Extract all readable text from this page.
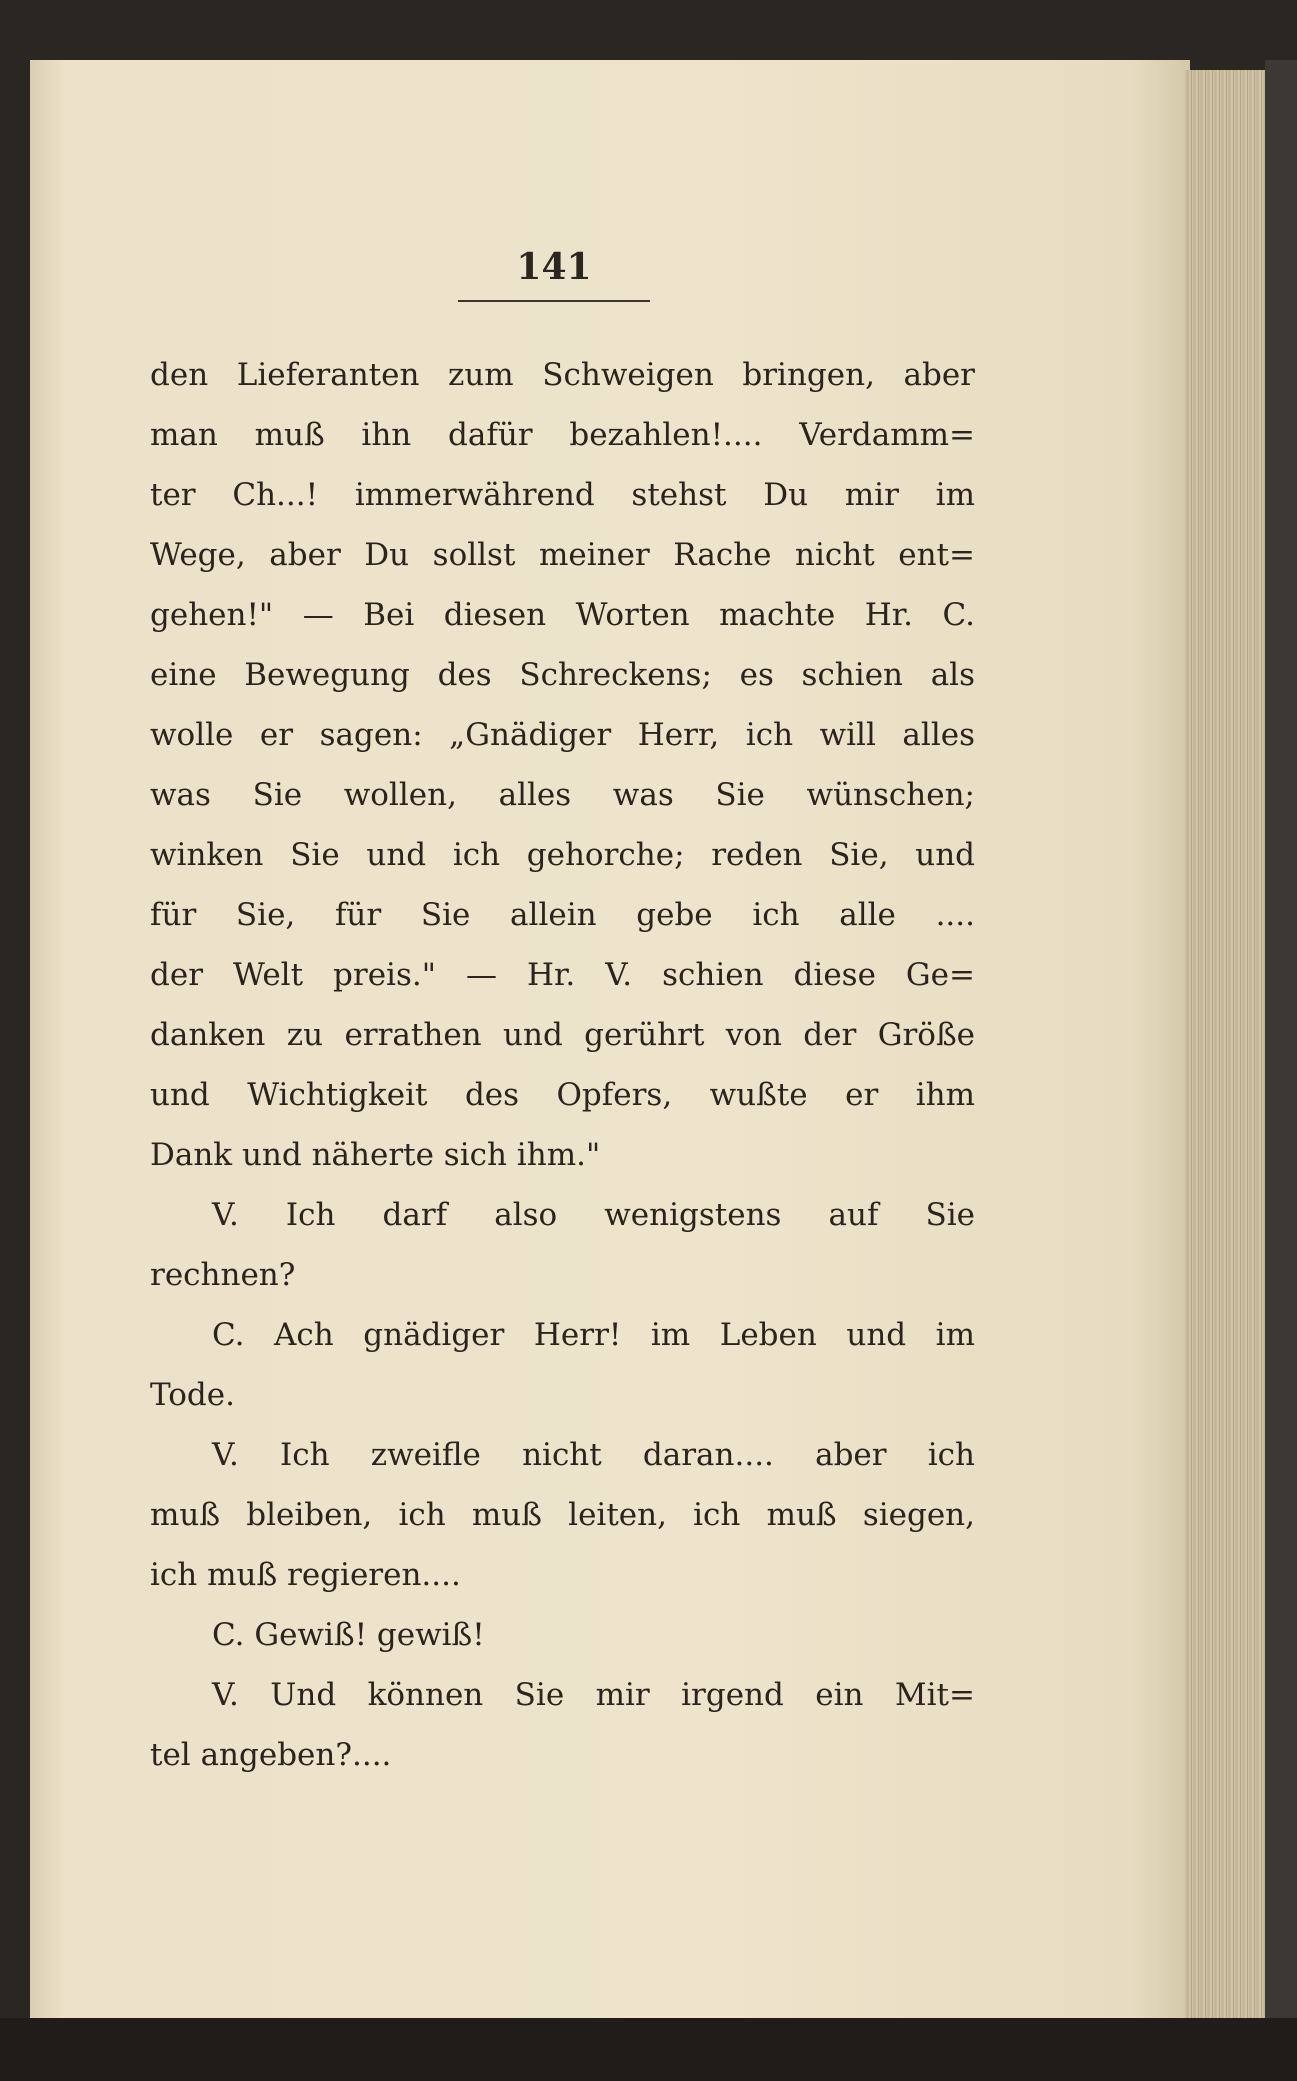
141
den Lieferanten zum Schweigen bringen, aber
man muß ihn dafür bezahlen!.... Verdamm=
ter Ch...! immerwährend stehst Du mir im
Wege, aber Du sollst meiner Rache nicht ent=
gehen!" — Bei diesen Worten machte Hr. C.
eine Bewegung des Schreckens; es schien als
wolle er sagen: „Gnädiger Herr, ich will alles
was Sie wollen, alles was Sie wünschen;
winken Sie und ich gehorche; reden Sie, und
für Sie, für Sie allein gebe ich alle ....
der Welt preis." — Hr. V. schien diese Ge=
danken zu errathen und gerührt von der Größe
und Wichtigkeit des Opfers, wußte er ihm
Dank und näherte sich ihm."
V. Ich darf also wenigstens auf Sie
rechnen?
C. Ach gnädiger Herr! im Leben und im
Tode.
V. Ich zweifle nicht daran.... aber ich
muß bleiben, ich muß leiten, ich muß siegen,
ich muß regieren....
C. Gewiß! gewiß!
V. Und können Sie mir irgend ein Mit=
tel angeben?....
